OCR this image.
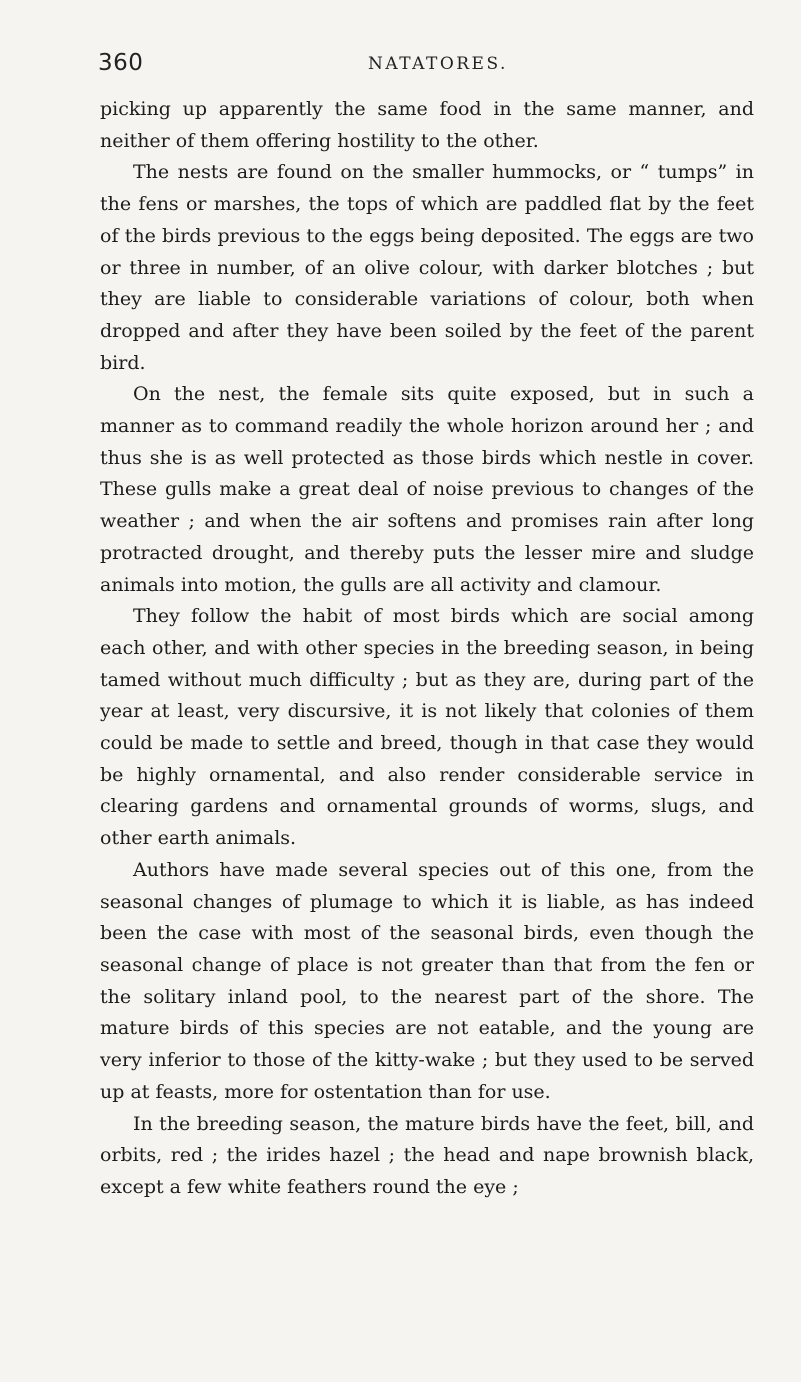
360	NATATORES.

picking up apparently the same food in the same manner, and neither of them offering hostility to the other.

The nests are found on the smaller hummocks, or “ tumps” in the fens or marshes, the tops of which are paddled flat by the feet of the birds previous to the eggs being deposited. The eggs are two or three in number, of an olive colour, with darker blotches ; but they are liable to considerable variations of colour, both when dropped and after they have been soiled by the feet of the parent bird.

On the nest, the female sits quite exposed, but in such a manner as to command readily the whole horizon around her ; and thus she is as well protected as those birds which nestle in cover. These gulls make a great deal of noise previous to changes of the weather ; and when the air softens and promises rain after long protracted drought, and thereby puts the lesser mire and sludge animals into motion, the gulls are all activity and clamour.

They follow the habit of most birds which are social among each other, and with other species in the breeding season, in being tamed without much difficulty ; but as they are, during part of the year at least, very discursive, it is not likely that colonies of them could be made to settle and breed, though in that case they would be highly ornamental, and also render considerable service in clearing gardens and ornamental grounds of worms, slugs, and other earth animals.

Authors have made several species out of this one, from the seasonal changes of plumage to which it is liable, as has indeed been the case with most of the seasonal birds, even though the seasonal change of place is not greater than that from the fen or the solitary inland pool, to the nearest part of the shore. The mature birds of this species are not eatable, and the young are very inferior to those of the kitty-wake ; but they used to be served up at feasts, more for ostentation than for use.

In the breeding season, the mature birds have the feet, bill, and orbits, red ; the irides hazel ; the head and nape brownish black, except a few white feathers round the eye ;
